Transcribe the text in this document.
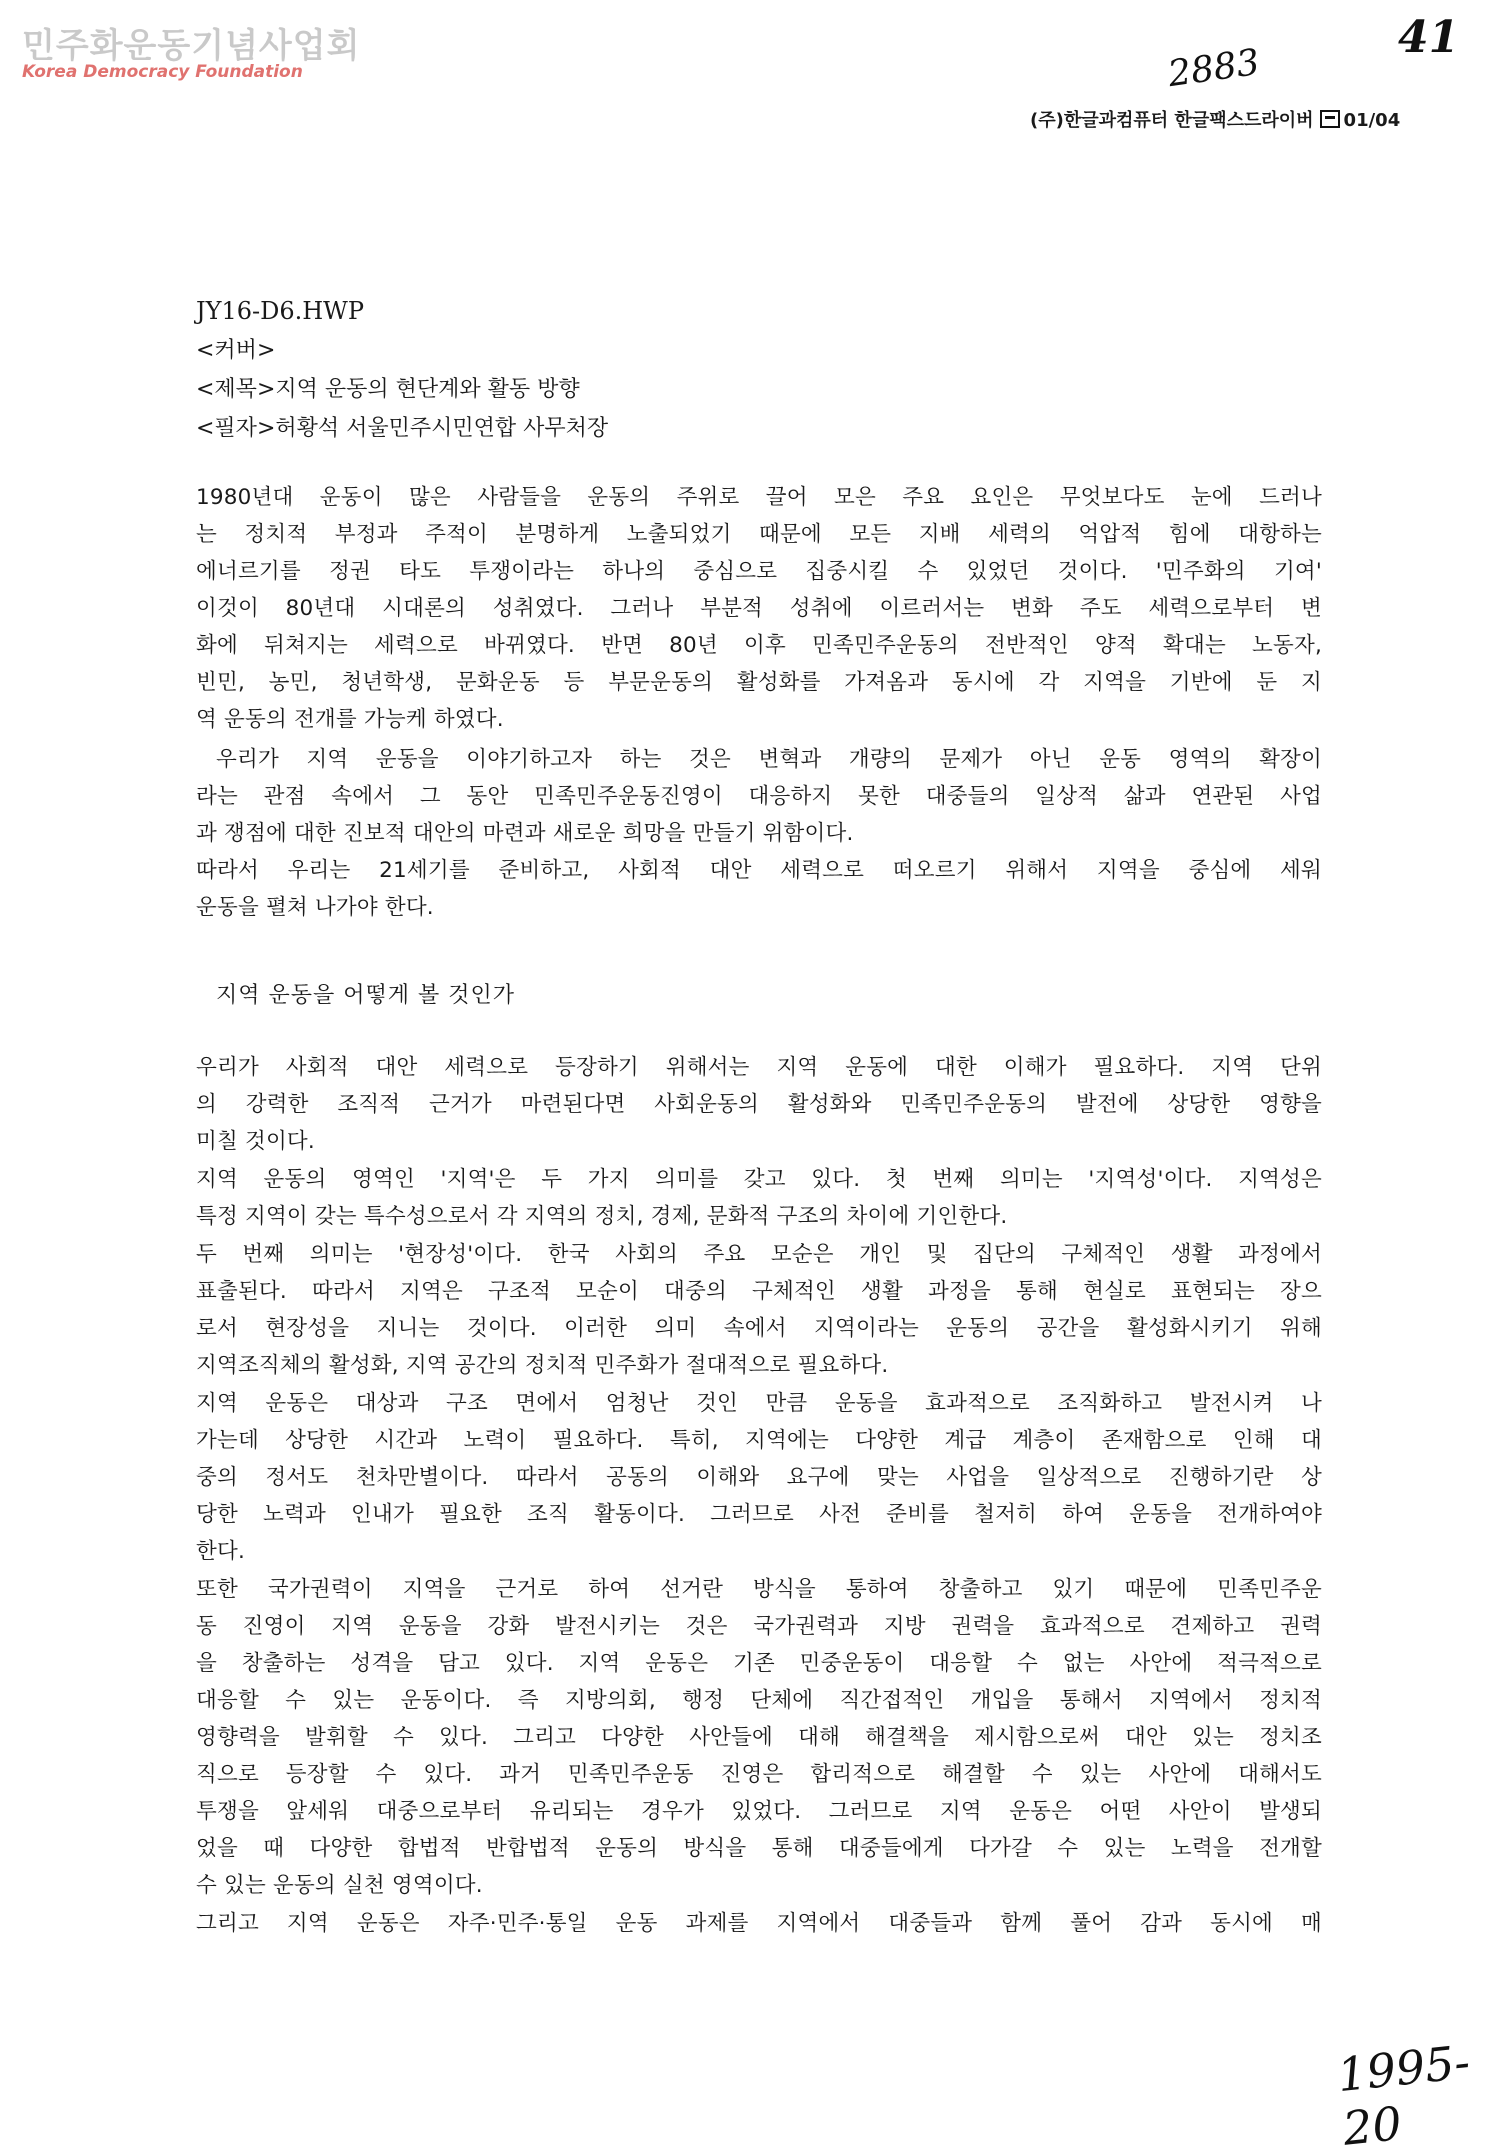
민주화운동기념사업회
Korea Democracy Foundation	2883
41
(주)한글과컴퓨터 한글팩스드라이버 01/04
JY16-D6.HWP
<커버>
<제목>지역 운동의 현단계와 활동 방향
<필자>허황석 서울민주시민연합 사무처장
1980년대 운동이 많은 사람들을 운동의 주위로 끌어 모은 주요 요인은 무엇보다도 눈에 드러나
는 정치적 부정과 주적이 분명하게 노출되었기 때문에 모든 지배 세력의 억압적 힘에 대항하는
에너르기를 정권 타도 투쟁이라는 하나의 중심으로 집중시킬 수 있었던 것이다. '민주화의 기여'
이것이 80년대 시대론의 성취였다. 그러나 부분적 성취에 이르러서는 변화 주도 세력으로부터 변
화에 뒤쳐지는 세력으로 바뀌였다. 반면 80년 이후 민족민주운동의 전반적인 양적 확대는 노동자,
빈민, 농민, 청년학생, 문화운동 등 부문운동의 활성화를 가져옴과 동시에 각 지역을 기반에 둔 지
역 운동의 전개를 가능케 하였다.
우리가 지역 운동을 이야기하고자 하는 것은 변혁과 개량의 문제가 아닌 운동 영역의 확장이
라는 관점 속에서 그 동안 민족민주운동진영이 대응하지 못한 대중들의 일상적 삶과 연관된 사업
과 쟁점에 대한 진보적 대안의 마련과 새로운 희망을 만들기 위함이다.
따라서 우리는 21세기를 준비하고, 사회적 대안 세력으로 떠오르기 위해서 지역을 중심에 세워
운동을 펼쳐 나가야 한다.
지역 운동을 어떻게 볼 것인가
우리가 사회적 대안 세력으로 등장하기 위해서는 지역 운동에 대한 이해가 필요하다. 지역 단위
의 강력한 조직적 근거가 마련된다면 사회운동의 활성화와 민족민주운동의 발전에 상당한 영향을
미칠 것이다.
지역 운동의 영역인 '지역'은 두 가지 의미를 갖고 있다. 첫 번째 의미는 '지역성'이다. 지역성은
특정 지역이 갖는 특수성으로서 각 지역의 정치, 경제, 문화적 구조의 차이에 기인한다.
두 번째 의미는 '현장성'이다. 한국 사회의 주요 모순은 개인 및 집단의 구체적인 생활 과정에서
표출된다. 따라서 지역은 구조적 모순이 대중의 구체적인 생활 과정을 통해 현실로 표현되는 장으
로서 현장성을 지니는 것이다. 이러한 의미 속에서 지역이라는 운동의 공간을 활성화시키기 위해
지역조직체의 활성화, 지역 공간의 정치적 민주화가 절대적으로 필요하다.
지역 운동은 대상과 구조 면에서 엄청난 것인 만큼 운동을 효과적으로 조직화하고 발전시켜 나
가는데 상당한 시간과 노력이 필요하다. 특히, 지역에는 다양한 계급 계층이 존재함으로 인해 대
중의 정서도 천차만별이다. 따라서 공동의 이해와 요구에 맞는 사업을 일상적으로 진행하기란 상
당한 노력과 인내가 필요한 조직 활동이다. 그러므로 사전 준비를 철저히 하여 운동을 전개하여야
한다.
또한 국가권력이 지역을 근거로 하여 선거란 방식을 통하여 창출하고 있기 때문에 민족민주운
동 진영이 지역 운동을 강화 발전시키는 것은 국가권력과 지방 권력을 효과적으로 견제하고 권력
을 창출하는 성격을 담고 있다. 지역 운동은 기존 민중운동이 대응할 수 없는 사안에 적극적으로
대응할 수 있는 운동이다. 즉 지방의회, 행정 단체에 직간접적인 개입을 통해서 지역에서 정치적
영향력을 발휘할 수 있다. 그리고 다양한 사안들에 대해 해결책을 제시함으로써 대안 있는 정치조
직으로 등장할 수 있다. 과거 민족민주운동 진영은 합리적으로 해결할 수 있는 사안에 대해서도
투쟁을 앞세워 대중으로부터 유리되는 경우가 있었다. 그러므로 지역 운동은 어떤 사안이 발생되
었을 때 다양한 합법적 반합법적 운동의 방식을 통해 대중들에게 다가갈 수 있는 노력을 전개할
수 있는 운동의 실천 영역이다.
그리고 지역 운동은 자주·민주·통일 운동 과제를 지역에서 대중들과 함께 풀어 감과 동시에 매
1995-20
